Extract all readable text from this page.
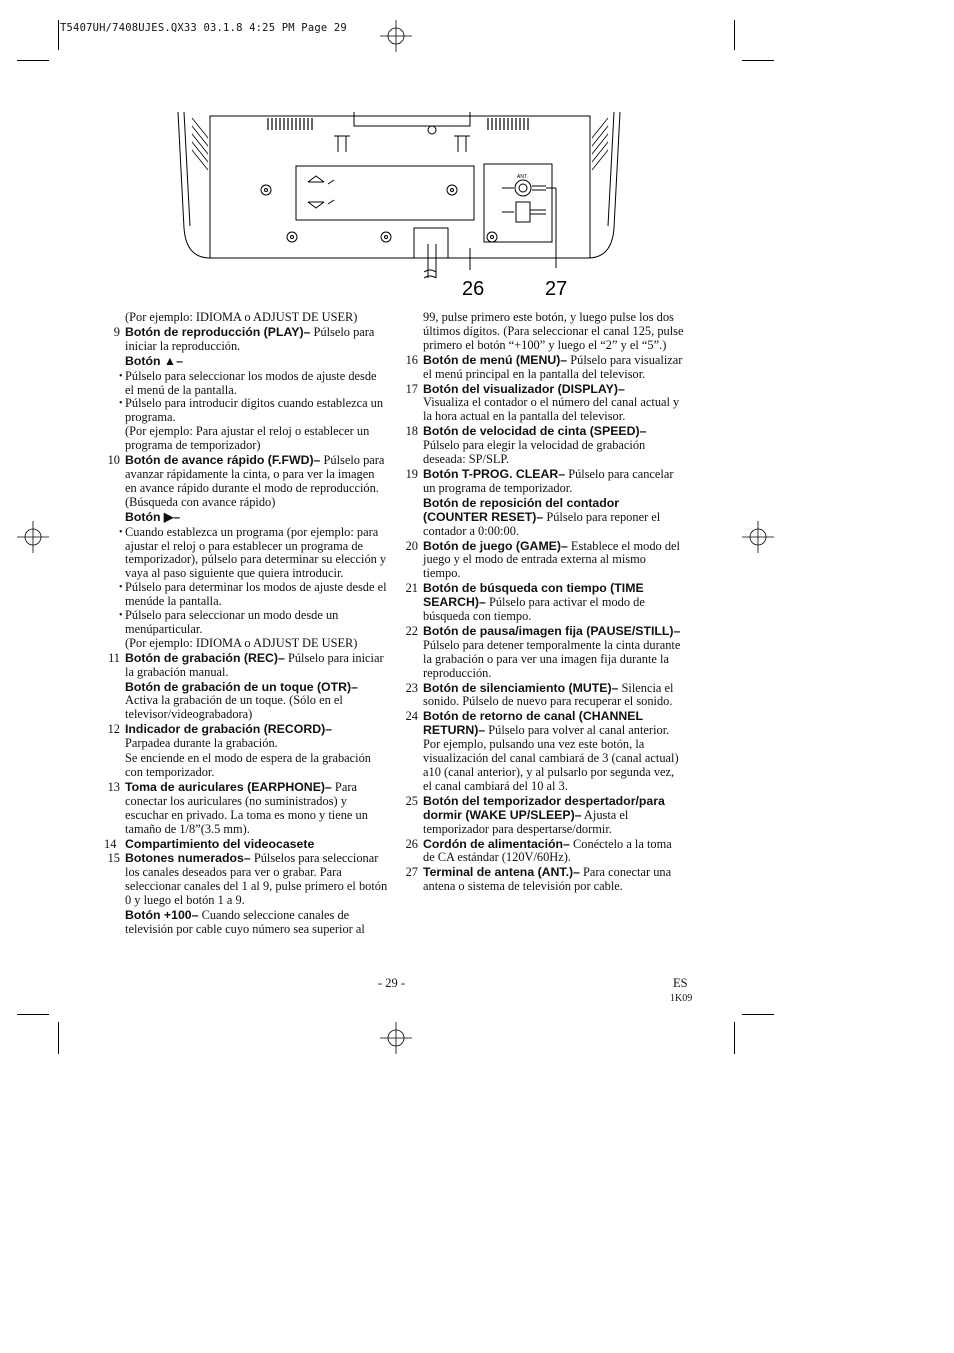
T5407UH/7408UJES.QX33 03.1.8 4:25 PM Page 29
ANT.
26	27
(Por ejemplo: IDIOMA o ADJUST DE USER)
9 Botón de reproducción (PLAY)– Púlselo para iniciar la reproducción.
Botón ▲–
• Púlselo para seleccionar los modos de ajuste desde el menú de la pantalla.
• Púlselo para introducir dígitos cuando establezca un programa.
(Por ejemplo: Para ajustar el reloj o establecer un programa de temporizador)
10 Botón de avance rápido (F.FWD)– Púlselo para avanzar rápidamente la cinta, o para ver la imagen en avance rápido durante el modo de reproducción. (Búsqueda con avance rápido)
Botón ▶–
• Cuando establezca un programa (por ejemplo: para ajustar el reloj o para establecer un programa de temporizador), púlselo para determinar su elección y vaya al paso siguiente que quiera introducir.
• Púlselo para determinar los modos de ajuste desde el menúde la pantalla.
• Púlselo para seleccionar un modo desde un menúparticular.
(Por ejemplo: IDIOMA o ADJUST DE USER)
11 Botón de grabación (REC)– Púlselo para iniciar la grabación manual.
Botón de grabación de un toque (OTR)–
Activa la grabación de un toque. (Sólo en el televisor/videograbadora)
12 Indicador de grabación (RECORD)–
Parpadea durante la grabación.
Se enciende en el modo de espera de la grabación con temporizador.
13 Toma de auriculares (EARPHONE)– Para conectar los auriculares (no suministrados) y escuchar en privado. La toma es mono y tiene un tamaño de 1/8”(3.5 mm).
14 Compartimiento del videocasete
15 Botones numerados– Púlselos para seleccionar los canales deseados para ver o grabar. Para seleccionar canales del 1 al 9, pulse primero el botón 0 y luego el botón 1 a 9.
Botón +100– Cuando seleccione canales de televisión por cable cuyo número sea superior al
99, pulse primero este botón, y luego pulse los dos últimos dígitos. (Para seleccionar el canal 125, pulse primero el botón “+100” y luego el “2” y el “5”.)
16 Botón de menú (MENU)– Púlselo para visualizar el menú principal en la pantalla del televisor.
17 Botón del visualizador (DISPLAY)–
Visualiza el contador o el número del canal actual y la hora actual en la pantalla del televisor.
18 Botón de velocidad de cinta (SPEED)–
Púlselo para elegir la velocidad de grabación deseada: SP/SLP.
19 Botón T-PROG. CLEAR– Púlselo para cancelar un programa de temporizador.
Botón de reposición del contador (COUNTER RESET)– Púlselo para reponer el contador a 0:00:00.
20 Botón de juego (GAME)– Establece el modo del juego y el modo de entrada externa al mismo tiempo.
21 Botón de búsqueda con tiempo (TIME SEARCH)– Púlselo para activar el modo de búsqueda con tiempo.
22 Botón de pausa/imagen fija (PAUSE/STILL)– Púlselo para detener temporalmente la cinta durante la grabación o para ver una imagen fija durante la reproducción.
23 Botón de silenciamiento (MUTE)– Silencia el sonido. Púlselo de nuevo para recuperar el sonido.
24 Botón de retorno de canal (CHANNEL RETURN)– Púlselo para volver al canal anterior. Por ejemplo, pulsando una vez este botón, la visualización del canal cambiará de 3 (canal actual) a10 (canal anterior), y al pulsarlo por segunda vez, el canal cambiará del 10 al 3.
25 Botón del temporizador despertador/para dormir (WAKE UP/SLEEP)– Ajusta el temporizador para despertarse/dormir.
26 Cordón de alimentación– Conéctelo a la toma de CA estándar (120V/60Hz).
27 Terminal de antena (ANT.)– Para conectar una antena o sistema de televisión por cable.
- 29 -	ES
1K09
